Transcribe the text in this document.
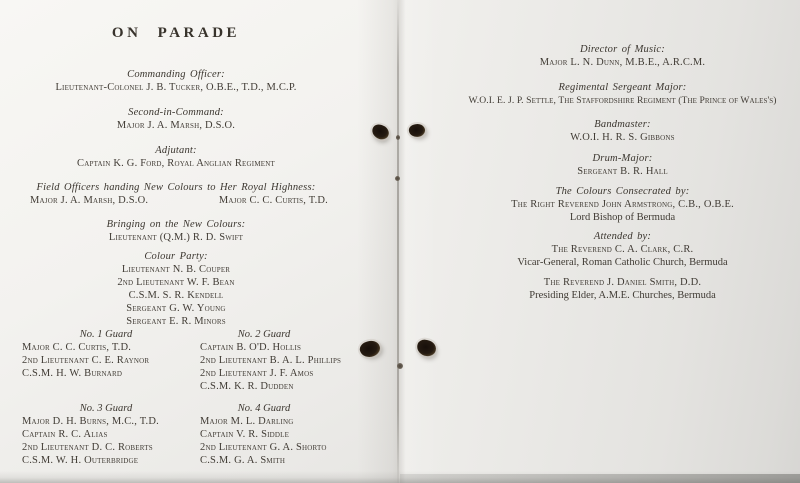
ON PARADE
Commanding Officer:
Lieutenant-Colonel J. B. Tucker, O.B.E., T.D., M.C.P.
Second-in-Command:
Major J. A. Marsh, D.S.O.
Adjutant:
Captain K. G. Ford, Royal Anglian Regiment
Field Officers handing New Colours to Her Royal Highness:
Major J. A. Marsh, D.S.O.	Major C. C. Curtis, T.D.
Bringing on the New Colours:
Lieutenant (Q.M.) R. D. Swift
Colour Party:
Lieutenant N. B. Couper
2nd Lieutenant W. F. Bean
C.S.M. S. R. Kendell
Sergeant G. W. Young
Sergeant E. R. Minors
No. 1 Guard
Major C. C. Curtis, T.D.
2nd Lieutenant C. E. Raynor
C.S.M. H. W. Burnard
No. 2 Guard
Captain B. O'D. Hollis
2nd Lieutenant B. A. L. Phillips
2nd Lieutenant J. F. Amos
C.S.M. K. R. Dudden
No. 3 Guard
Major D. H. Burns, M.C., T.D.
Captain R. C. Alias
2nd Lieutenant D. C. Roberts
C.S.M. W. H. Outerbridge
No. 4 Guard
Major M. L. Darling
Captain V. R. Siddle
2nd Lieutenant G. A. Shorto
C.S.M. G. A. Smith
Director of Music:
Major L. N. Dunn, M.B.E., A.R.C.M.
Regimental Sergeant Major:
W.O.I. E. J. P. Settle, The Staffordshire Regiment (The Prince of Wales's)
Bandmaster:
W.O.I. H. R. S. Gibbons
Drum-Major:
Sergeant B. R. Hall
The Colours Consecrated by:
The Right Reverend John Armstrong, C.B., O.B.E.
Lord Bishop of Bermuda
Attended by:
The Reverend C. A. Clark, C.R.
Vicar-General, Roman Catholic Church, Bermuda
The Reverend J. Daniel Smith, D.D.
Presiding Elder, A.M.E. Churches, Bermuda
